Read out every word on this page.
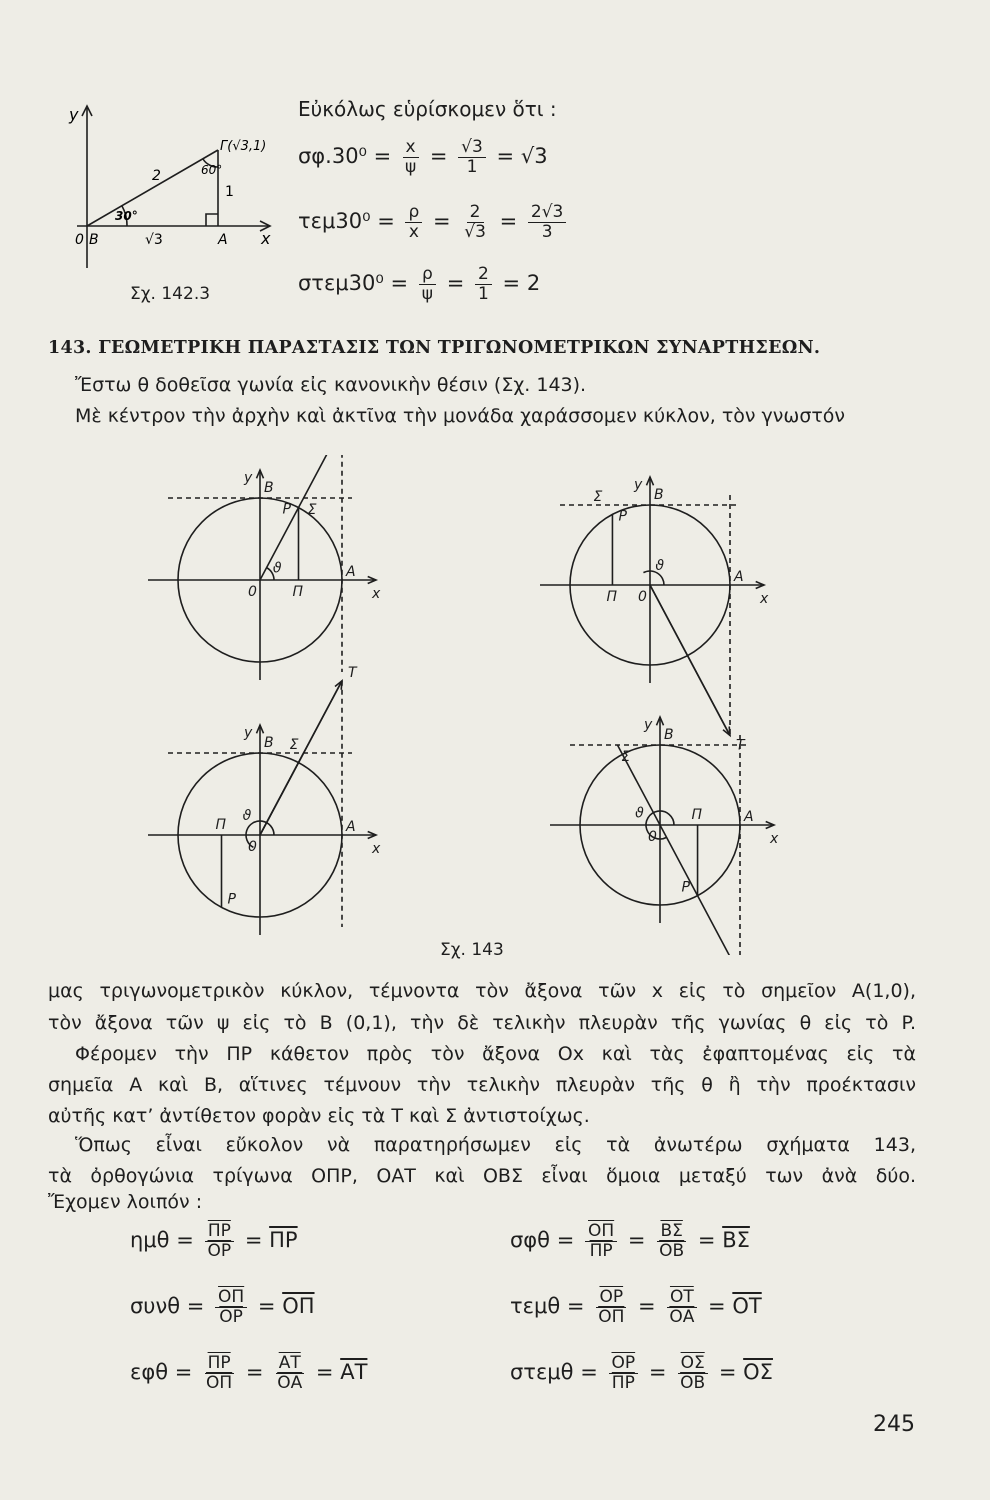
y
Γ(√3,1)
2
1
60°
30°
0 B	√3	A x
Σχ. 142.3
Εὐκόλως εὑρίσκομεν ὅτι :
$\sigma\varphi.30^0 = \frac{x}{\psi} = \frac{√3}{1} = √3$
$\tau\varepsilon\mu 30^0 = \frac{\rho}{x} = \frac{2}{√3} = \frac{2√3}{3}$
$\sigma\tau\varepsilon\mu 30^0 = \frac{\rho}{\psi} = \frac{2}{1} = 2$
143. ΓΕΩΜΕΤΡΙΚΗ ΠΑΡΑΣΤΑΣΙΣ ΤΩΝ ΤΡΙΓΩΝΟΜΕΤΡΙΚΩΝ ΣΥΝΑΡΤΗΣΕΩΝ.
Ἔστω θ δοθεῖσα γωνία εἰς κανονικὴν θέσιν (Σχ. 143).
Μὲ κέντρον τὴν ἀρχὴν καὶ ἀκτῖνα τὴν μονάδα χαράσσομεν κύκλον, τὸν γνωστόν
y
x
0
A
B
P
Π
Σ
ϑ
y
x
0
A
B
P
Π
T
Σ
ϑ
y
x
0
A
B
P
Π
T
Σ
ϑ
y
x
0
A
B
P
Π
Σ
ϑ
Σχ. 143
μας τριγωνομετρικὸν κύκλον, τέμνοντα τὸν ἄξονα τῶν x εἰς τὸ σημεῖον A(1,0),
τὸν ἄξονα τῶν ψ εἰς τὸ B (0,1), τὴν δὲ τελικὴν πλευρὰν τῆς γωνίας θ εἰς τὸ P.
Φέρομεν τὴν ΠΡ κάθετον πρὸς τὸν ἄξονα Ox καὶ τὰς ἐφαπτομένας εἰς τὰ
σημεῖα A καὶ B, αἵτινες τέμνουν τὴν τελικὴν πλευρὰν τῆς θ ἢ τὴν προέκτασιν
αὐτῆς κατ’ ἀντίθετον φορὰν εἰς τὰ T καὶ Σ ἀντιστοίχως.
Ὅπως εἶναι εὔκολον νὰ παρατηρήσωμεν εἰς τὰ ἀνωτέρω σχήματα 143,
τὰ ὀρθογώνια τρίγωνα ΟΠΡ, ΟΑΤ καὶ ΟΒΣ εἶναι ὅμοια μεταξύ των ἀνὰ δύο.
Ἔχομεν λοιπόν :
$\eta\mu\theta = \frac{\overline{\Pi P}}{OP} = \overline{\Pi P}$	$\sigma\varphi\theta = \frac{\overline{O\Pi}}{\Pi P} = \frac{\overline{B\Sigma}}{OB} = \overline{B\Sigma}$
$\sigma\upsilon\nu\theta = \frac{\overline{O\Pi}}{OP} = \overline{O\Pi}$	$\tau\varepsilon\mu\theta = \frac{\overline{OP}}{O\Pi} = \frac{\overline{OT}}{OA} = \overline{OT}$
$\varepsilon\varphi\theta = \frac{\overline{\Pi P}}{O\Pi} = \frac{\overline{AT}}{OA} = \overline{AT}$	$\sigma\tau\varepsilon\mu\theta = \frac{\overline{OP}}{\Pi P} = \frac{\overline{O\Sigma}}{OB} = \overline{O\Sigma}$
245
